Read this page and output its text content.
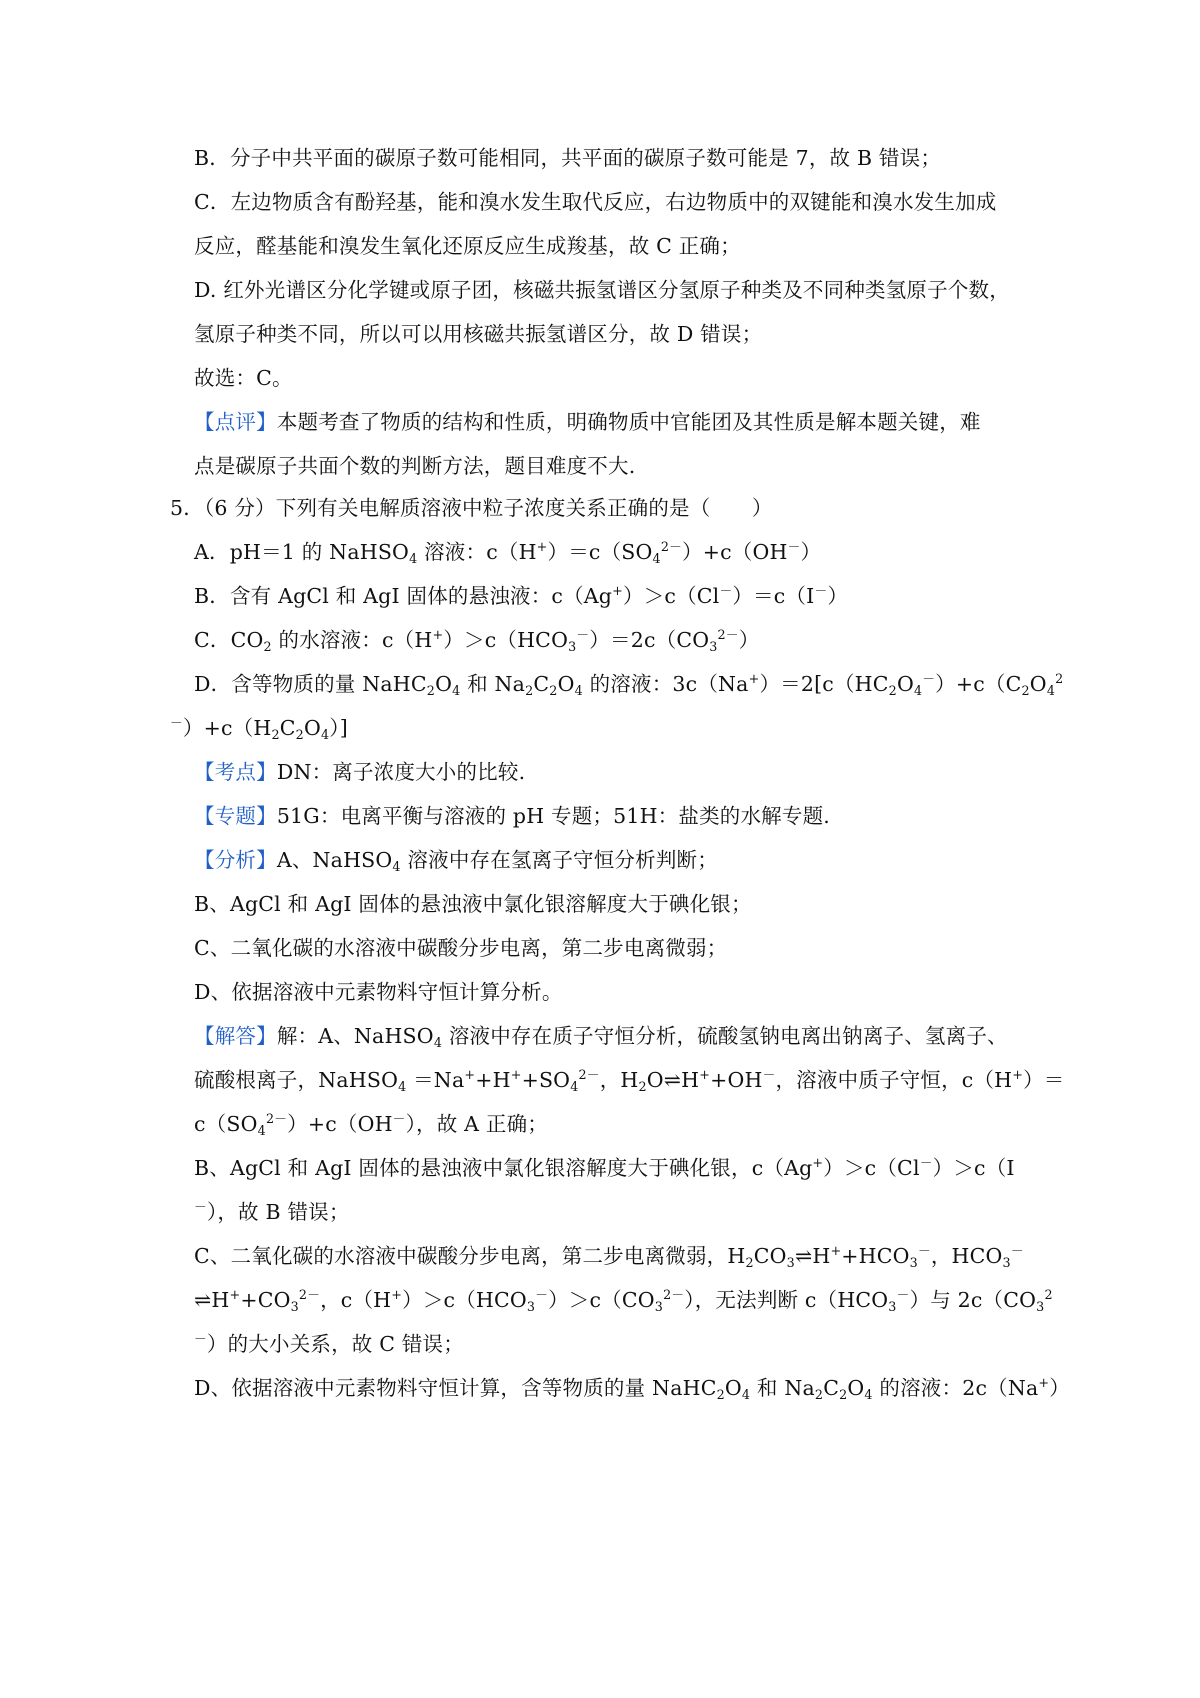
B．分子中共平面的碳原子数可能相同，共平面的碳原子数可能是 7，故 B 错误；
C．左边物质含有酚羟基，能和溴水发生取代反应，右边物质中的双键能和溴水发生加成
反应，醛基能和溴发生氧化还原反应生成羧基，故 C 正确；
D. 红外光谱区分化学键或原子团，核磁共振氢谱区分氢原子种类及不同种类氢原子个数，
氢原子种类不同，所以可以用核磁共振氢谱区分，故 D 错误；
故选：C。
【点评】本题考查了物质的结构和性质，明确物质中官能团及其性质是解本题关键，难
点是碳原子共面个数的判断方法，题目难度不大.
5．（6 分）下列有关电解质溶液中粒子浓度关系正确的是（　　）
A．pH＝1 的 NaHSO$_4$ 溶液：$c(H^+)=c(SO_4^{2-})+c(OH^-)$
B．含有 AgCl 和 AgI 固体的悬浊液：c（Ag+）＞c（Cl－）＝c（I－）
C．$CO_2$ 的水溶液：$c(H^+)>c(HCO_3^-)=2c(CO_3^{2-})$
D．含等物质的量 $NaHC_2O_4$ 和 $Na_2C_2O_4$ 的溶液：$3c(Na^+)=2[c(HC_2O_4^-)+c(C_2O_4^2$
$^-)+c(H_2C_2O_4)$]
【考点】DN：离子浓度大小的比较.
【专题】51G：电离平衡与溶液的 pH 专题；51H：盐类的水解专题.
【分析】A、NaHSO$_4$ 溶液中存在氢离子守恒分析判断；
B、AgCl 和 AgI 固体的悬浊液中氯化银溶解度大于碘化银；
C、二氧化碳的水溶液中碳酸分步电离，第二步电离微弱；
D、依据溶液中元素物料守恒计算分析。
【解答】解：A、NaHSO$_4$ 溶液中存在质子守恒分析，硫酸氢钠电离出钠离子、氢离子、
硫酸根离子，NaHSO$_4$ $=Na^++H^++SO_4^{2-}$，$H_2O\rightleftharpoons H^++OH^-$，溶液中质子守恒，c（H+）＝
$c(SO_4^{2-})+c(OH^-)$，故 A 正确；
B、AgCl 和 AgI 固体的悬浊液中氯化银溶解度大于碘化银，c（Ag+）＞c（Cl－）＞c（I
－），故 B 错误；
C、二氧化碳的水溶液中碳酸分步电离，第二步电离微弱，$H_2CO_3\rightleftharpoons H^++HCO_3^-$，$HCO_3^-$
$\rightleftharpoons H^++CO_3^{2-}$，$c(H^+)>c(HCO_3^-)>c(CO_3^{2-})$，无法判断 $c(HCO_3^-)$与 $2c(CO_3^2$
－）的大小关系，故 C 错误；
D、依据溶液中元素物料守恒计算，含等物质的量 $NaHC_2O_4$ 和 $Na_2C_2O_4$ 的溶液：2c（Na+）
